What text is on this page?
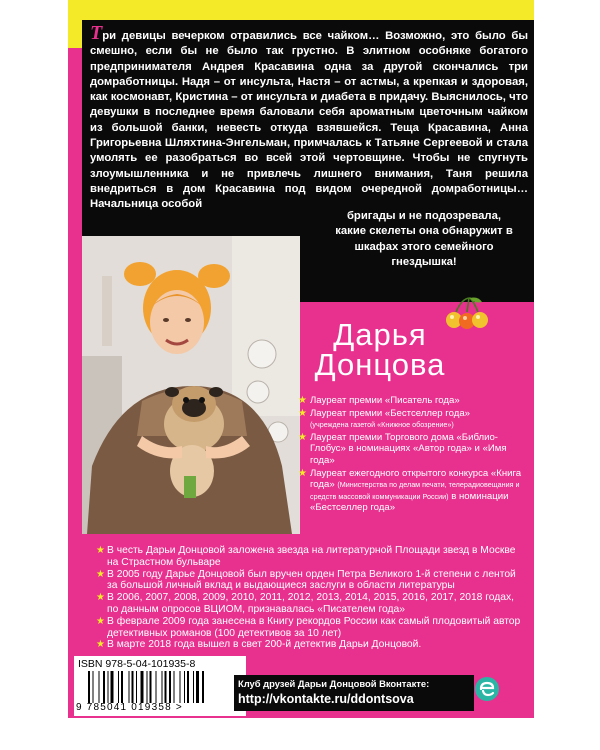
Три девицы вечерком отравились все чайком… Возможно, это было бы смешно, если бы не было так грустно. В элитном особняке богатого предпринимателя Андрея Красавина одна за другой скончались три домработницы. Надя – от инсульта, Настя – от астмы, а крепкая и здоровая, как космонавт, Кристина – от инсульта и диабета в придачу. Выяснилось, что девушки в последнее время баловали себя ароматным цветочным чайком из большой банки, невесть откуда взявшейся. Теща Красавина, Анна Григорьевна Шляхтина-Энгельман, примчалась к Татьяне Сергеевой и стала умолять ее разобраться во всей этой чертовщине. Чтобы не спугнуть злоумышленника и не привлечь лишнего внимания, Таня решила внедриться в дом Красавина под видом очередной домработницы… Начальница особой

бригады и не подозревала, какие скелеты она обнаружит в шкафах этого семейного гнездышка!

Дарья
Донцова
★ Лауреат премии «Писатель года»
★ Лауреат премии «Бестселлер года»
(учреждена газетой «Книжное обозрение»)
★ Лауреат премии Торгового дома «Библио-Глобус» в номинациях «Автор года» и «Имя года»
★ Лауреат ежегодного открытого конкурса «Книга года» (Министерства по делам печати, телерадиовещания и средств массовой коммуникации России) в номинации «Бестселлер года»
★ В честь Дарьи Донцовой заложена звезда на литературной Площади звезд в Москве на Страстном бульваре
★ В 2005 году Дарье Донцовой был вручен орден Петра Великого 1-й степени с лентой за большой личный вклад и выдающиеся заслуги в области литературы
★ В 2006, 2007, 2008, 2009, 2010, 2011, 2012, 2013, 2014, 2015, 2016, 2017, 2018 годах, по данным опросов ВЦИОМ, признавалась «Писателем года»
★ В феврале 2009 года занесена в Книгу рекордов России как самый плодовитый автор детективных романов (100 детективов за 10 лет)
★ В марте 2018 года вышел в свет 200-й детектив Дарьи Донцовой.
ISBN 978-5-04-101935-8
9 785041 019358 >
Клуб друзей Дарьи Донцовой Вконтакте:
http://vkontakte.ru/ddontsova
